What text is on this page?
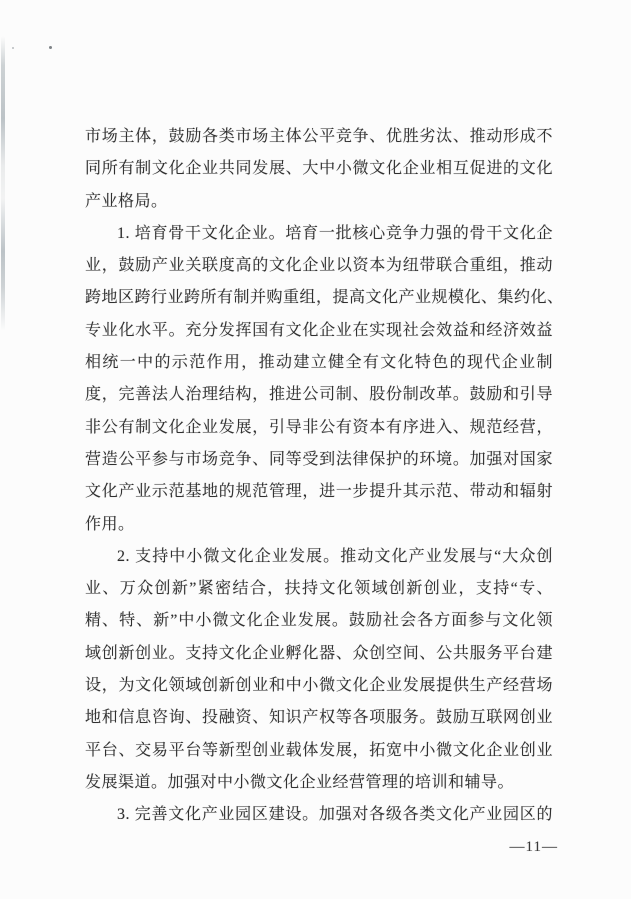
市场主体，鼓励各类市场主体公平竞争、优胜劣汰、推动形成不
同所有制文化企业共同发展、大中小微文化企业相互促进的文化
产业格局。
1. 培育骨干文化企业。培育一批核心竞争力强的骨干文化企
业，鼓励产业关联度高的文化企业以资本为纽带联合重组，推动
跨地区跨行业跨所有制并购重组，提高文化产业规模化、集约化、
专业化水平。充分发挥国有文化企业在实现社会效益和经济效益
相统一中的示范作用，推动建立健全有文化特色的现代企业制
度，完善法人治理结构，推进公司制、股份制改革。鼓励和引导
非公有制文化企业发展，引导非公有资本有序进入、规范经营，
营造公平参与市场竞争、同等受到法律保护的环境。加强对国家
文化产业示范基地的规范管理，进一步提升其示范、带动和辐射
作用。
2. 支持中小微文化企业发展。推动文化产业发展与“大众创
业、万众创新”紧密结合，扶持文化领域创新创业，支持“专、
精、特、新”中小微文化企业发展。鼓励社会各方面参与文化领
域创新创业。支持文化企业孵化器、众创空间、公共服务平台建
设，为文化领域创新创业和中小微文化企业发展提供生产经营场
地和信息咨询、投融资、知识产权等各项服务。鼓励互联网创业
平台、交易平台等新型创业载体发展，拓宽中小微文化企业创业
发展渠道。加强对中小微文化企业经营管理的培训和辅导。
3. 完善文化产业园区建设。加强对各级各类文化产业园区的
—11—
